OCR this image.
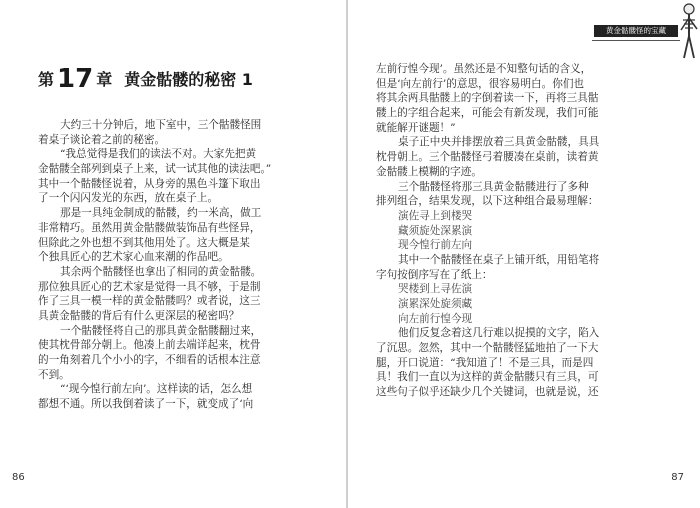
第 17 章 黄金骷髅的秘密 1
大约三十分钟后，地下室中，三个骷髅怪围
着桌子谈论着之前的秘密。
“我总觉得是我们的读法不对。大家先把黄
金骷髅全部列到桌子上来，试一试其他的读法吧。”
其中一个骷髅怪说着，从身旁的黑色斗篷下取出
了一个闪闪发光的东西，放在桌子上。
那是一具纯金制成的骷髅，约一米高，做工
非常精巧。虽然用黄金骷髅做装饰品有些怪异，
但除此之外也想不到其他用处了。这大概是某
个独具匠心的艺术家心血来潮的作品吧。
其余两个骷髅怪也拿出了相同的黄金骷髅。
那位独具匠心的艺术家是觉得一具不够，于是制
作了三具一模一样的黄金骷髅吗？或者说，这三
具黄金骷髅的背后有什么更深层的秘密吗？
一个骷髅怪将自己的那具黄金骷髅翻过来，
使其枕骨部分朝上。他凑上前去端详起来，枕骨
的一角刻着几个小小的字，不细看的话根本注意
不到。
“‘现今惶行前左向’。这样读的话，怎么想
都想不通。所以我倒着读了一下，就变成了‘向
86
黄金骷髅怪的宝藏
左前行惶今现’。虽然还是不知整句话的含义，
但是‘向左前行’的意思，很容易明白。你们也
将其余两具骷髅上的字倒着读一下，再将三具骷
髅上的字组合起来，可能会有新发现，我们可能
就能解开谜题！”
桌子正中央并排摆放着三具黄金骷髅，具具
枕骨朝上。三个骷髅怪弓着腰凑在桌前，读着黄
金骷髅上模糊的字迹。
三个骷髅怪将那三具黄金骷髅进行了多种
排列组合，结果发现，以下这种组合最易理解：
演佐寻上到楼哭
藏须旋处深累演
现今惶行前左向
其中一个骷髅怪在桌子上铺开纸，用铅笔将
字句按倒序写在了纸上：
哭楼到上寻佐演
演累深处旋须藏
向左前行惶今现
他们反复念着这几行难以捉摸的文字，陷入
了沉思。忽然，其中一个骷髅怪猛地拍了一下大
腿，开口说道：“我知道了！不是三具，而是四
具！我们一直以为这样的黄金骷髅只有三具，可
这些句子似乎还缺少几个关键词，也就是说，还
87
